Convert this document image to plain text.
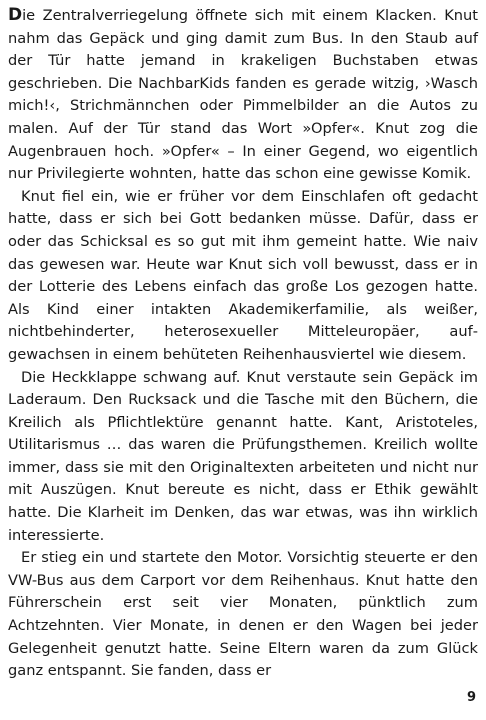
Die Zentralverriegelung öffnete sich mit einem Klacken. Knut nahm das Gepäck und ging damit zum Bus. In den Staub auf der Tür hatte jemand in krakeligen Buchstaben etwas geschrieben. Die NachbarKids fanden es gerade witzig, ›Wasch mich!‹, Strichmännchen oder Pimmelbilder an die Autos zu malen. Auf der Tür stand das Wort »Opfer«. Knut zog die Augenbrauen hoch. »Opfer« – In einer Gegend, wo eigentlich nur Privilegierte wohnten, hatte das schon eine gewisse Komik.

Knut fiel ein, wie er früher vor dem Einschlafen oft gedacht hatte, dass er sich bei Gott bedanken müsse. Dafür, dass er oder das Schicksal es so gut mit ihm gemeint hatte. Wie naiv das gewesen war. Heute war Knut sich voll bewusst, dass er in der Lotterie des Lebens einfach das große Los gezogen hatte. Als Kind einer intakten Akademikerfamilie, als weißer, nichtbehinderter, heterosexueller Mitteleuropäer, aufgewachsen in einem behüteten Reihenhausviertel wie diesem.

Die Heckklappe schwang auf. Knut verstaute sein Gepäck im Laderaum. Den Rucksack und die Tasche mit den Büchern, die Kreilich als Pflichtlektüre genannt hatte. Kant, Aristoteles, Utilitarismus … das waren die Prüfungsthemen. Kreilich wollte immer, dass sie mit den Originaltexten arbeiteten und nicht nur mit Auszügen. Knut bereute es nicht, dass er Ethik gewählt hatte. Die Klarheit im Denken, das war etwas, was ihn wirklich interessierte.

Er stieg ein und startete den Motor. Vorsichtig steuerte er den VW-Bus aus dem Carport vor dem Reihenhaus. Knut hatte den Führerschein erst seit vier Monaten, pünktlich zum Achtzehnten. Vier Monate, in denen er den Wagen bei jeder Gelegenheit genutzt hatte. Seine Eltern waren da zum Glück ganz entspannt. Sie fanden, dass er

9
